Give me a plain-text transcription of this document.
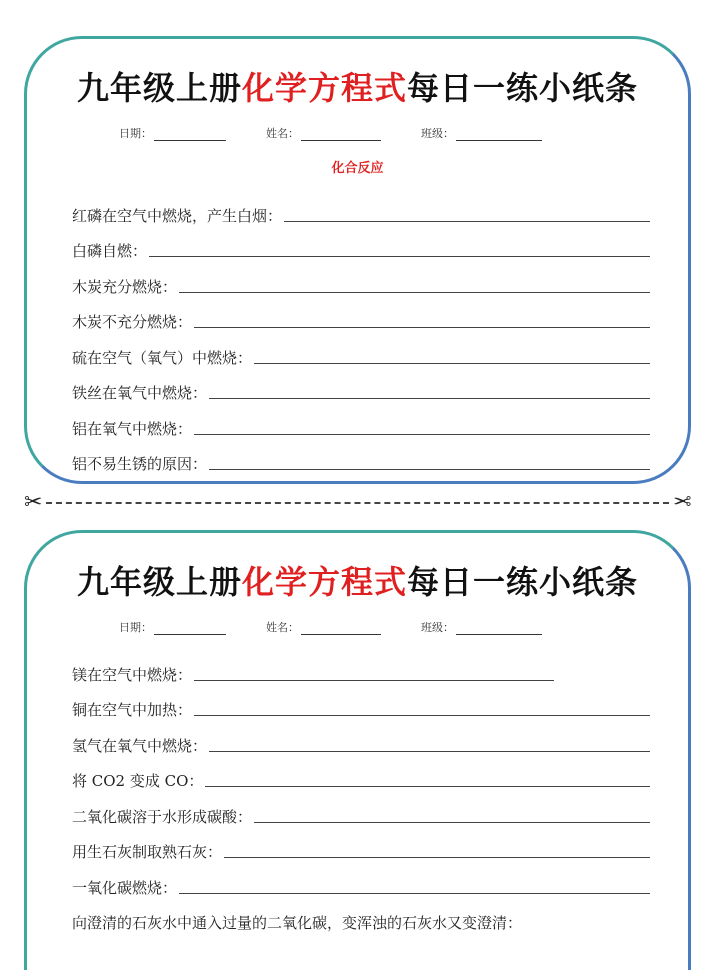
九年级上册化学方程式每日一练小纸条
日期：	姓名：	班级：
化合反应
红磷在空气中燃烧，产生白烟：
白磷自燃：
木炭充分燃烧：
木炭不充分燃烧：
硫在空气（氧气）中燃烧：
铁丝在氧气中燃烧：
铝在氧气中燃烧：
铝不易生锈的原因：
✂	✂
九年级上册化学方程式每日一练小纸条
日期：	姓名：	班级：
镁在空气中燃烧：
铜在空气中加热：
氢气在氧气中燃烧：
将 CO2 变成 CO：
二氧化碳溶于水形成碳酸：
用生石灰制取熟石灰：
一氧化碳燃烧：
向澄清的石灰水中通入过量的二氧化碳，变浑浊的石灰水又变澄清：
